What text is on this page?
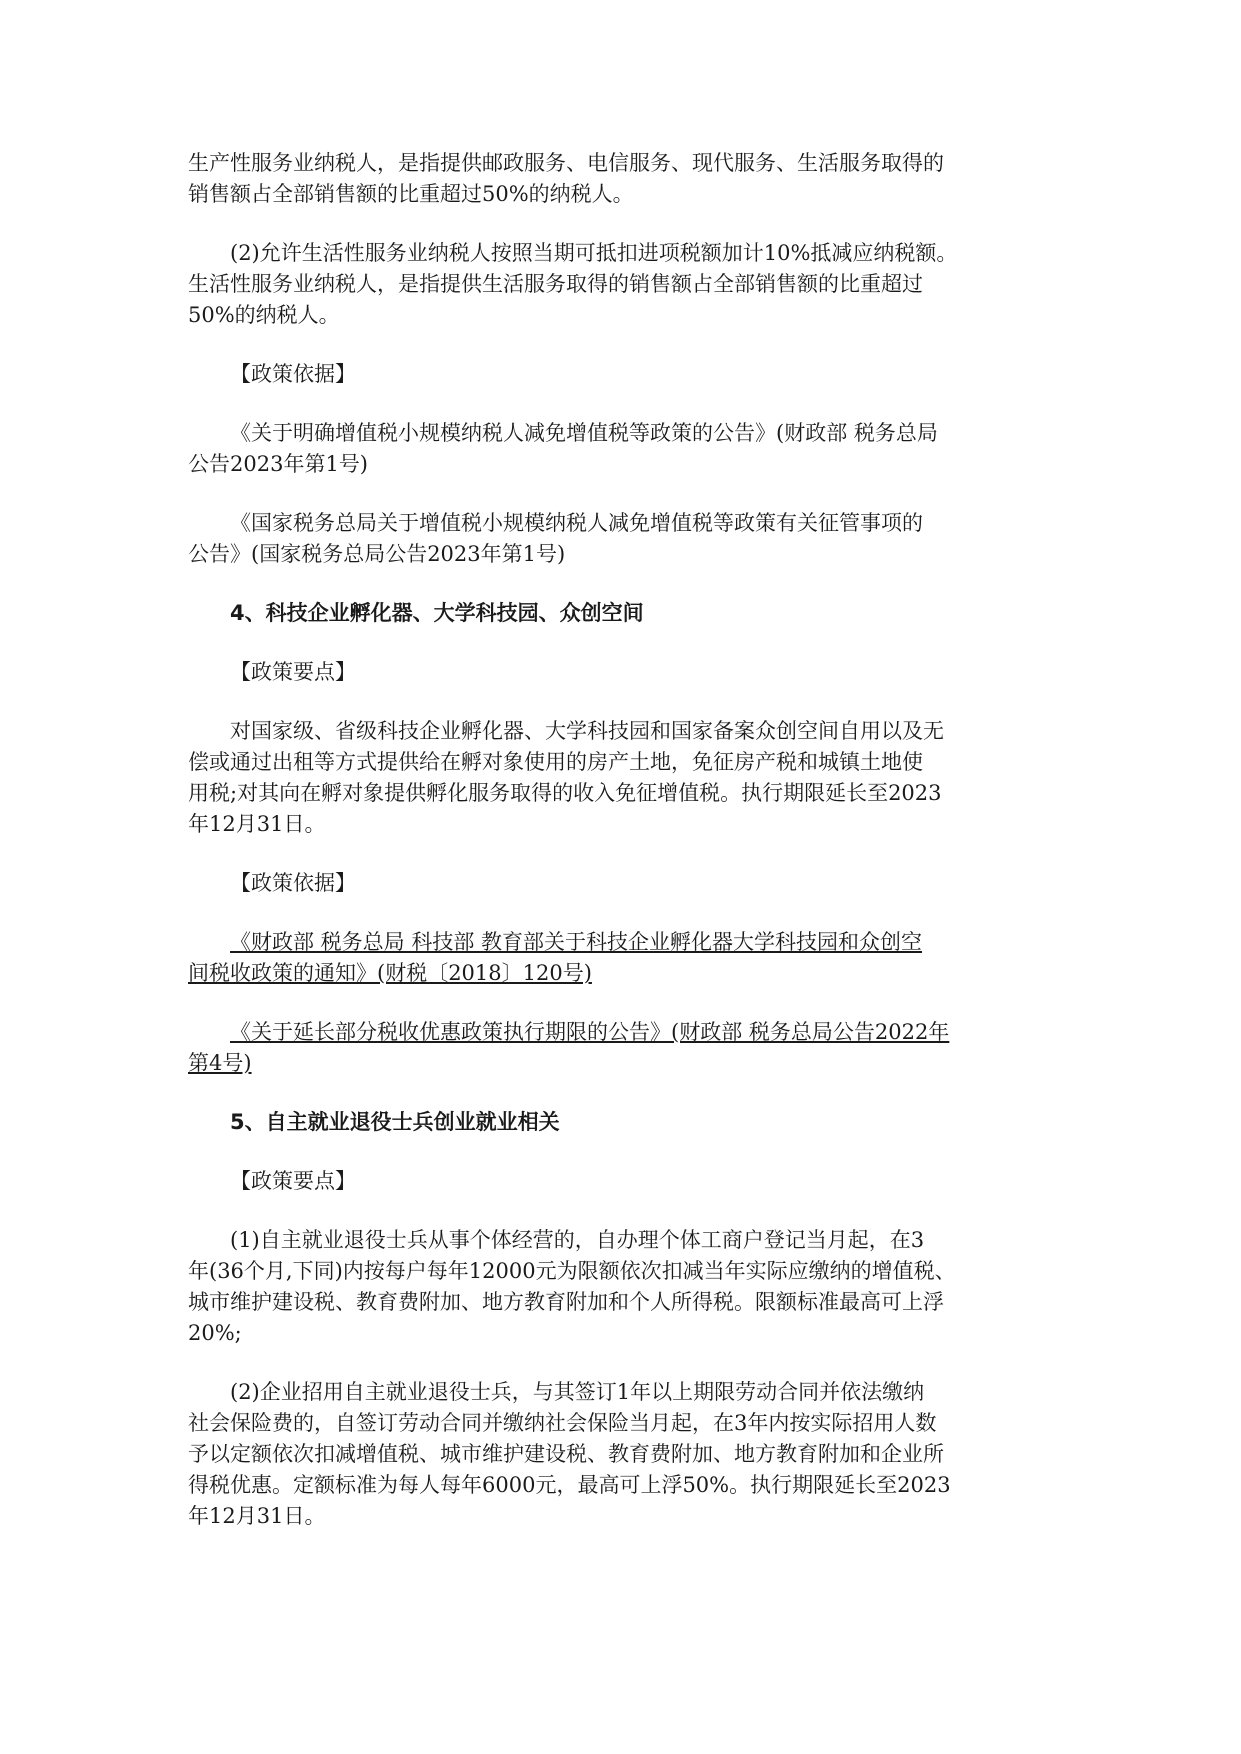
生产性服务业纳税人，是指提供邮政服务、电信服务、现代服务、生活服务取得的
销售额占全部销售额的比重超过50%的纳税人。

(2)允许生活性服务业纳税人按照当期可抵扣进项税额加计10%抵减应纳税额。
生活性服务业纳税人，是指提供生活服务取得的销售额占全部销售额的比重超过
50%的纳税人。

【政策依据】

《关于明确增值税小规模纳税人减免增值税等政策的公告》(财政部 税务总局
公告2023年第1号)

《国家税务总局关于增值税小规模纳税人减免增值税等政策有关征管事项的
公告》(国家税务总局公告2023年第1号)

4、科技企业孵化器、大学科技园、众创空间

【政策要点】

对国家级、省级科技企业孵化器、大学科技园和国家备案众创空间自用以及无
偿或通过出租等方式提供给在孵对象使用的房产土地，免征房产税和城镇土地使
用税;对其向在孵对象提供孵化服务取得的收入免征增值税。执行期限延长至2023
年12月31日。

【政策依据】

《财政部 税务总局 科技部 教育部关于科技企业孵化器大学科技园和众创空
间税收政策的通知》(财税〔2018〕120号)

《关于延长部分税收优惠政策执行期限的公告》(财政部 税务总局公告2022年
第4号)

5、自主就业退役士兵创业就业相关

【政策要点】

(1)自主就业退役士兵从事个体经营的，自办理个体工商户登记当月起，在3
年(36个月,下同)内按每户每年12000元为限额依次扣减当年实际应缴纳的增值税、
城市维护建设税、教育费附加、地方教育附加和个人所得税。限额标准最高可上浮
20%;

(2)企业招用自主就业退役士兵，与其签订1年以上期限劳动合同并依法缴纳
社会保险费的，自签订劳动合同并缴纳社会保险当月起，在3年内按实际招用人数
予以定额依次扣减增值税、城市维护建设税、教育费附加、地方教育附加和企业所
得税优惠。定额标准为每人每年6000元，最高可上浮50%。执行期限延长至2023
年12月31日。
